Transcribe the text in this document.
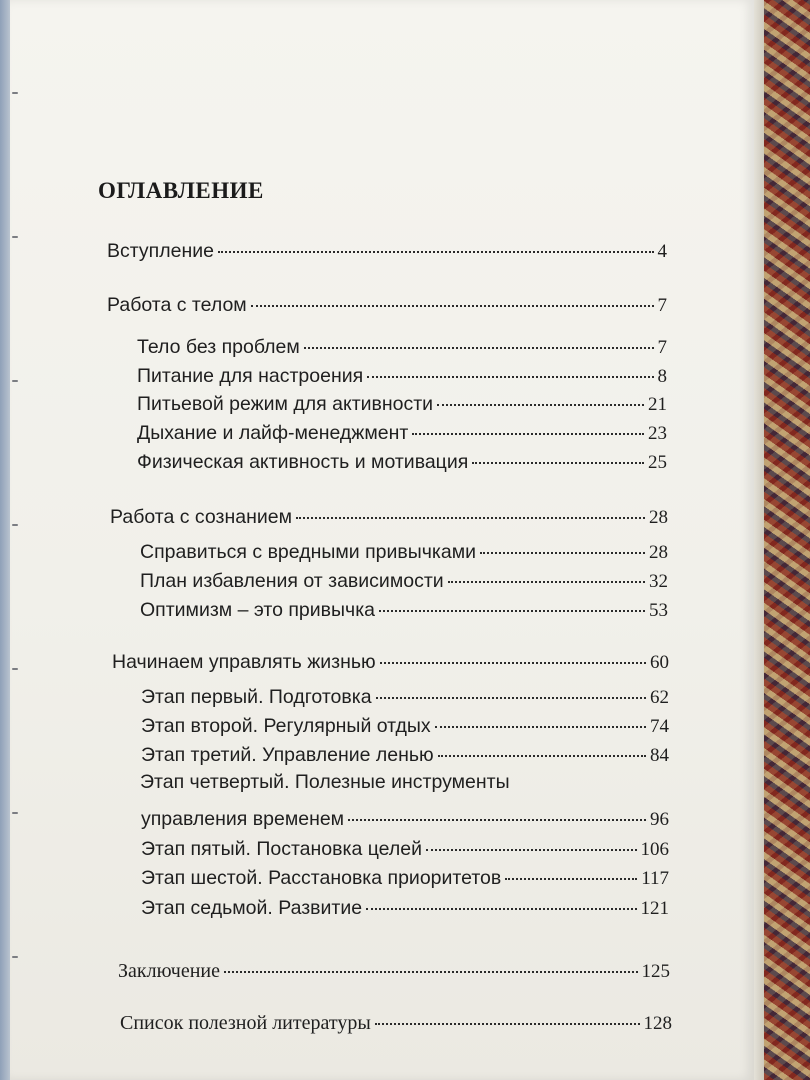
ОГЛАВЛЕНИЕ
Вступление	4
Работа с телом	7
Тело без проблем	7
Питание для настроения	8
Питьевой режим для активности	21
Дыхание и лайф-менеджмент	23
Физическая активность и мотивация	25
Работа с сознанием	28
Справиться с вредными привычками	28
План избавления от зависимости	32
Оптимизм – это привычка	53
Начинаем управлять жизнью	60
Этап первый. Подготовка	62
Этап второй. Регулярный отдых	74
Этап третий. Управление ленью	84
Этап четвертый. Полезные инструменты
управления временем	96
Этап пятый. Постановка целей	106
Этап шестой. Расстановка приоритетов	117
Этап седьмой. Развитие	121
Заключение	125
Список полезной литературы	128
